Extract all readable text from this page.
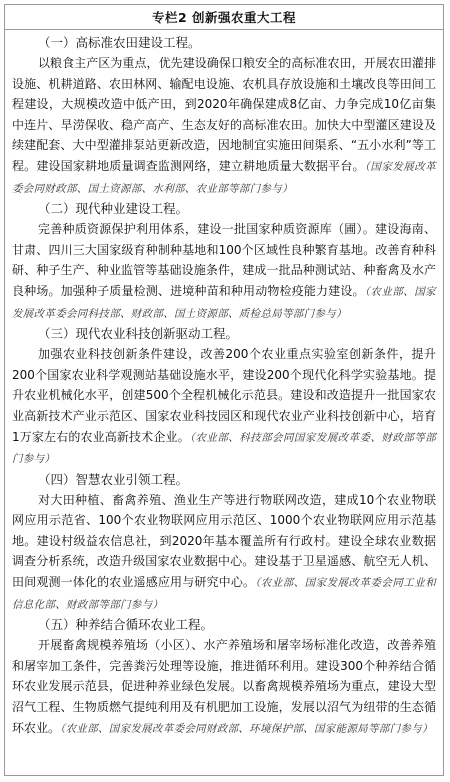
专栏2 创新强农重大工程
（一）高标准农田建设工程。

以粮食主产区为重点，优先建设确保口粮安全的高标准农田，开展农田灌排设施、机耕道路、农田林网、输配电设施、农机具存放设施和土壤改良等田间工程建设，大规模改造中低产田，到2020年确保建成8亿亩、力争完成10亿亩集中连片、旱涝保收、稳产高产、生态友好的高标准农田。加快大中型灌区建设及续建配套、大中型灌排泵站更新改造，因地制宜实施田间渠系、“五小水利”等工程。建设国家耕地质量调查监测网络，建立耕地质量大数据平台。（国家发展改革委会同财政部、国土资源部、水利部、农业部等部门参与）

（二）现代种业建设工程。

完善种质资源保护利用体系，建设一批国家种质资源库（圃）。建设海南、甘肃、四川三大国家级育种制种基地和100个区域性良种繁育基地。改善育种科研、种子生产、种业监管等基础设施条件，建成一批品种测试站、种畜禽及水产良种场。加强种子质量检测、进境种苗和种用动物检疫能力建设。（农业部、国家发展改革委会同科技部、财政部、国土资源部、质检总局等部门参与）

（三）现代农业科技创新驱动工程。

加强农业科技创新条件建设，改善200个农业重点实验室创新条件，提升200个国家农业科学观测站基础设施水平，建设200个现代化科学实验基地。提升农业机械化水平，创建500个全程机械化示范县。建设和改造提升一批国家农业高新技术产业示范区、国家农业科技园区和现代农业产业科技创新中心，培育1万家左右的农业高新技术企业。（农业部、科技部会同国家发展改革委、财政部等部门参与）

（四）智慧农业引领工程。

对大田种植、畜禽养殖、渔业生产等进行物联网改造，建成10个农业物联网应用示范省、100个农业物联网应用示范区、1000个农业物联网应用示范基地。建设村级益农信息社，到2020年基本覆盖所有行政村。建设全球农业数据调查分析系统，改造升级国家农业数据中心。建设基于卫星遥感、航空无人机、田间观测一体化的农业遥感应用与研究中心。（农业部、国家发展改革委会同工业和信息化部、财政部等部门参与）

（五）种养结合循环农业工程。

开展畜禽规模养殖场（小区）、水产养殖场和屠宰场标准化改造，改善养殖和屠宰加工条件，完善粪污处理等设施，推进循环利用。建设300个种养结合循环农业发展示范县，促进种养业绿色发展。以畜禽规模养殖场为重点，建设大型沼气工程、生物质燃气提纯利用及有机肥加工设施，发展以沼气为纽带的生态循环农业。（农业部、国家发展改革委会同财政部、环境保护部、国家能源局等部门参与）
